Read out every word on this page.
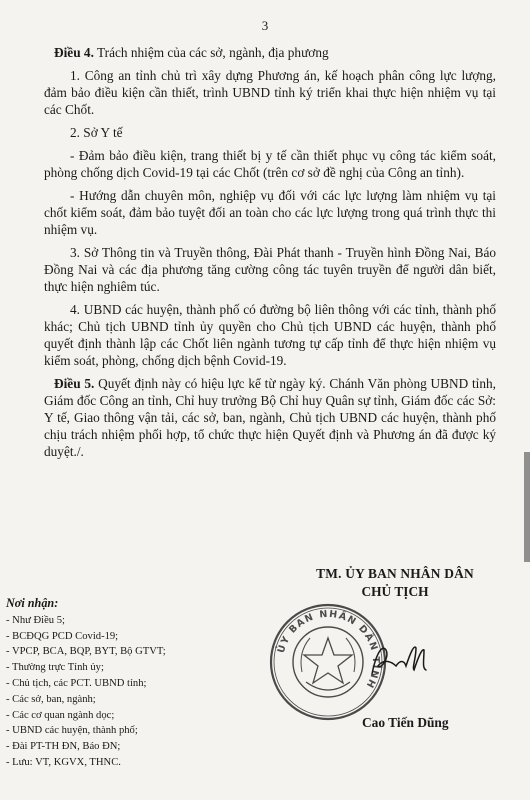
3

Điều 4. Trách nhiệm của các sở, ngành, địa phương

1. Công an tỉnh chủ trì xây dựng Phương án, kế hoạch phân công lực lượng, đảm bảo điều kiện cần thiết, trình UBND tỉnh ký triển khai thực hiện nhiệm vụ tại các Chốt.

2. Sở Y tế

- Đảm bảo điều kiện, trang thiết bị y tế cần thiết phục vụ công tác kiểm soát, phòng chống dịch Covid-19 tại các Chốt (trên cơ sở đề nghị của Công an tỉnh).

- Hướng dẫn chuyên môn, nghiệp vụ đối với các lực lượng làm nhiệm vụ tại chốt kiểm soát, đảm bảo tuyệt đối an toàn cho các lực lượng trong quá trình thực thi nhiệm vụ.

3. Sở Thông tin và Truyền thông, Đài Phát thanh - Truyền hình Đồng Nai, Báo Đồng Nai và các địa phương tăng cường công tác tuyên truyền để người dân biết, thực hiện nghiêm túc.

4. UBND các huyện, thành phố có đường bộ liên thông với các tỉnh, thành phố khác; Chủ tịch UBND tỉnh ủy quyền cho Chủ tịch UBND các huyện, thành phố quyết định thành lập các Chốt liên ngành tương tự cấp tỉnh để thực hiện nhiệm vụ kiểm soát, phòng, chống dịch bệnh Covid-19.

Điều 5. Quyết định này có hiệu lực kể từ ngày ký. Chánh Văn phòng UBND tỉnh, Giám đốc Công an tỉnh, Chỉ huy trưởng Bộ Chỉ huy Quân sự tỉnh, Giám đốc các Sở: Y tế, Giao thông vận tải, các sở, ban, ngành, Chủ tịch UBND các huyện, thành phố chịu trách nhiệm phối hợp, tổ chức thực hiện Quyết định và Phương án đã được ký duyệt./.

Nơi nhận:
- Như Điều 5;
- BCĐQG PCD Covid-19;
- VPCP, BCA, BQP, BYT, Bộ GTVT;
- Thường trực Tỉnh ủy;
- Chủ tịch, các PCT. UBND tỉnh;
- Các sở, ban, ngành;
- Các cơ quan ngành dọc;
- UBND các huyện, thành phố;
- Đài PT-TH ĐN, Báo ĐN;
- Lưu: VT, KGVX, THNC.
TM. ỦY BAN NHÂN DÂN
CHỦ TỊCH
ỦY BAN NHÂN DÂN TỈNH
Cao Tiến Dũng
